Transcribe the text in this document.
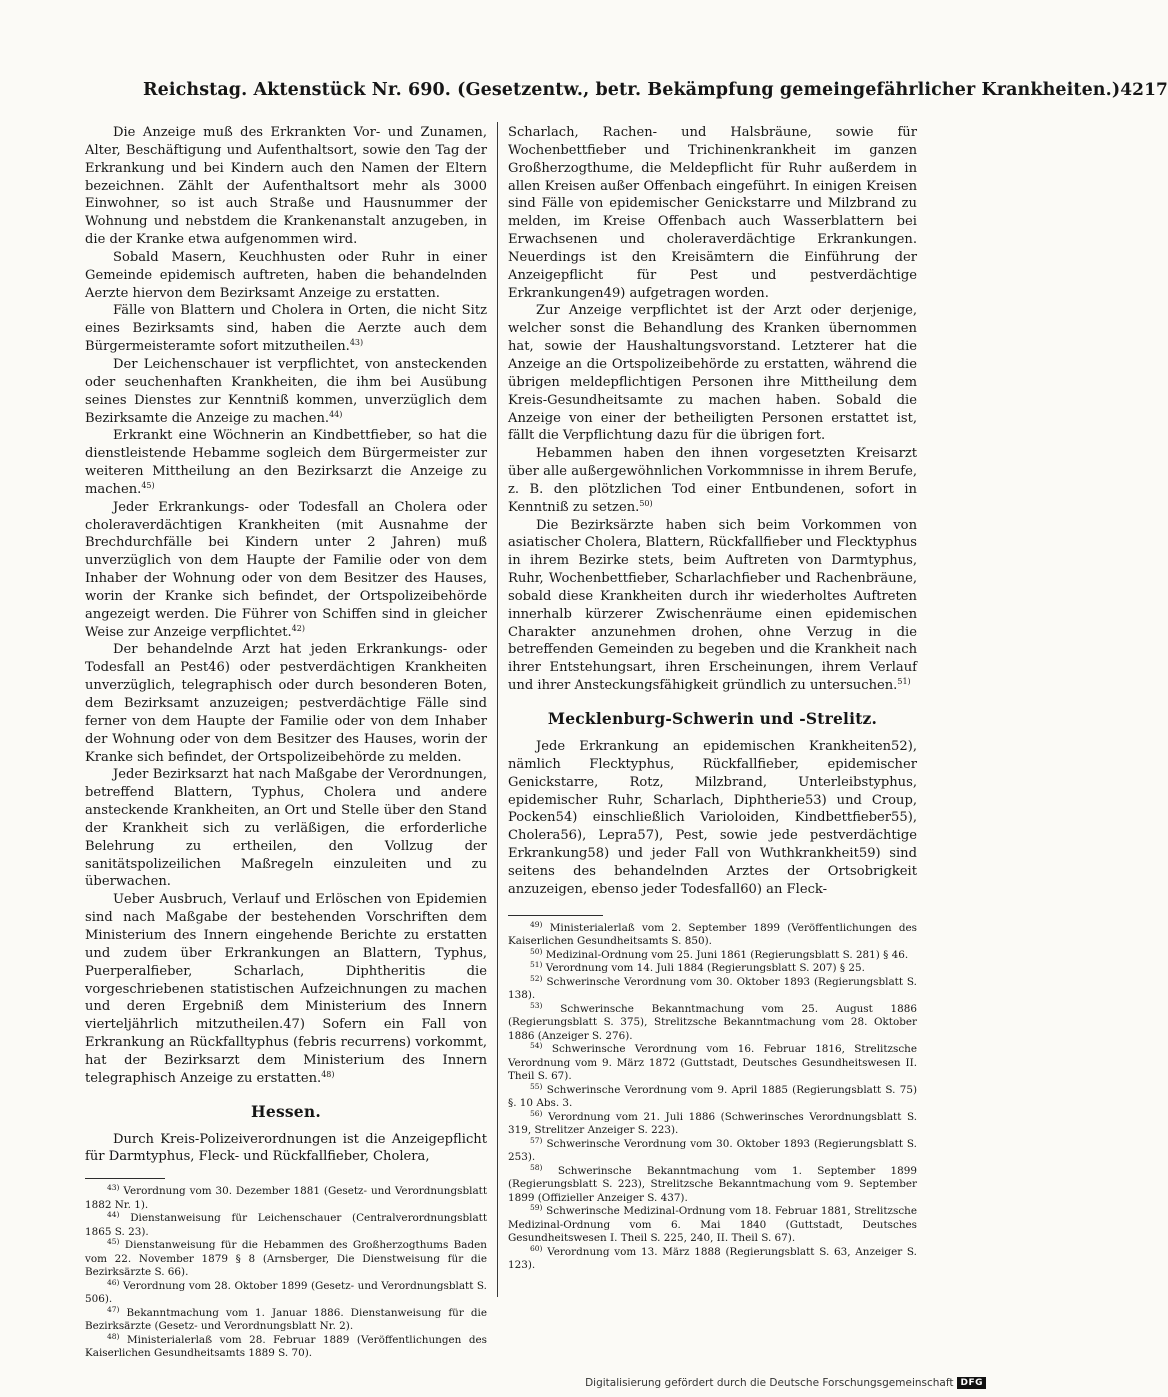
Reichstag. Aktenstück Nr. 690. (Gesetzentw., betr. Bekämpfung gemeingefährlicher Krankheiten.) 4217

Die Anzeige muß des Erkrankten Vor- und Zunamen, Alter, Beschäftigung und Aufenthaltsort, sowie den Tag der Erkrankung und bei Kindern auch den Namen der Eltern bezeichnen. Zählt der Aufenthaltsort mehr als 3000 Einwohner, so ist auch Straße und Hausnummer der Wohnung und nebstdem die Krankenanstalt anzugeben, in die der Kranke etwa aufgenommen wird.

Sobald Masern, Keuchhusten oder Ruhr in einer Gemeinde epidemisch auftreten, haben die behandelnden Aerzte hiervon dem Bezirksamt Anzeige zu erstatten.

Fälle von Blattern und Cholera in Orten, die nicht Sitz eines Bezirksamts sind, haben die Aerzte auch dem Bürgermeisteramte sofort mitzutheilen.$^{43)}$

Der Leichenschauer ist verpflichtet, von ansteckenden oder seuchenhaften Krankheiten, die ihm bei Ausübung seines Dienstes zur Kenntniß kommen, unverzüglich dem Bezirksamte die Anzeige zu machen.$^{44)}$

Erkrankt eine Wöchnerin an Kindbettfieber, so hat die dienstleistende Hebamme sogleich dem Bürgermeister zur weiteren Mittheilung an den Bezirksarzt die Anzeige zu machen.$^{45)}$

Jeder Erkrankungs- oder Todesfall an Cholera oder choleraverdächtigen Krankheiten (mit Ausnahme der Brechdurchfälle bei Kindern unter 2 Jahren) muß unverzüglich von dem Haupte der Familie oder von dem Inhaber der Wohnung oder von dem Besitzer des Hauses, worin der Kranke sich befindet, der Ortspolizeibehörde angezeigt werden. Die Führer von Schiffen sind in gleicher Weise zur Anzeige verpflichtet.$^{42)}$

Der behandelnde Arzt hat jeden Erkrankungs- oder Todesfall an Pest46) oder pestverdächtigen Krankheiten unverzüglich, telegraphisch oder durch besonderen Boten, dem Bezirksamt anzuzeigen; pestverdächtige Fälle sind ferner von dem Haupte der Familie oder von dem Inhaber der Wohnung oder von dem Besitzer des Hauses, worin der Kranke sich befindet, der Ortspolizeibehörde zu melden.

Jeder Bezirksarzt hat nach Maßgabe der Verordnungen, betreffend Blattern, Typhus, Cholera und andere ansteckende Krankheiten, an Ort und Stelle über den Stand der Krankheit sich zu verläßigen, die erforderliche Belehrung zu ertheilen, den Vollzug der sanitätspolizeilichen Maßregeln einzuleiten und zu überwachen.

Ueber Ausbruch, Verlauf und Erlöschen von Epidemien sind nach Maßgabe der bestehenden Vorschriften dem Ministerium des Innern eingehende Berichte zu erstatten und zudem über Erkrankungen an Blattern, Typhus, Puerperalfieber, Scharlach, Diphtheritis die vorgeschriebenen statistischen Aufzeichnungen zu machen und deren Ergebniß dem Ministerium des Innern vierteljährlich mitzutheilen.47) Sofern ein Fall von Erkrankung an Rückfalltyphus (febris recurrens) vorkommt, hat der Bezirksarzt dem Ministerium des Innern telegraphisch Anzeige zu erstatten.$^{48)}$

Hessen.

Durch Kreis-Polizeiverordnungen ist die Anzeigepflicht für Darmtyphus, Fleck- und Rückfallfieber, Cholera,

$^{43)}$ Verordnung vom 30. Dezember 1881 (Gesetz- und Verordnungsblatt 1882 Nr. 1).

$^{44)}$ Dienstanweisung für Leichenschauer (Centralverordnungsblatt 1865 S. 23).

$^{45)}$ Dienstanweisung für die Hebammen des Großherzogthums Baden vom 22. November 1879 § 8 (Arnsberger, Die Dienstweisung für die Bezirksärzte S. 66).

$^{46)}$ Verordnung vom 28. Oktober 1899 (Gesetz- und Verordnungsblatt S. 506).

$^{47)}$ Bekanntmachung vom 1. Januar 1886. Dienstanweisung für die Bezirksärzte (Gesetz- und Verordnungsblatt Nr. 2).

$^{48)}$ Ministerialerlaß vom 28. Februar 1889 (Veröffentlichungen des Kaiserlichen Gesundheitsamts 1889 S. 70).

Scharlach, Rachen- und Halsbräune, sowie für Wochenbettfieber und Trichinenkrankheit im ganzen Großherzogthume, die Meldepflicht für Ruhr außerdem in allen Kreisen außer Offenbach eingeführt. In einigen Kreisen sind Fälle von epidemischer Genickstarre und Milzbrand zu melden, im Kreise Offenbach auch Wasserblattern bei Erwachsenen und choleraverdächtige Erkrankungen. Neuerdings ist den Kreisämtern die Einführung der Anzeigepflicht für Pest und pestverdächtige Erkrankungen49) aufgetragen worden.

Zur Anzeige verpflichtet ist der Arzt oder derjenige, welcher sonst die Behandlung des Kranken übernommen hat, sowie der Haushaltungsvorstand. Letzterer hat die Anzeige an die Ortspolizeibehörde zu erstatten, während die übrigen meldepflichtigen Personen ihre Mittheilung dem Kreis-Gesundheitsamte zu machen haben. Sobald die Anzeige von einer der betheiligten Personen erstattet ist, fällt die Verpflichtung dazu für die übrigen fort.

Hebammen haben den ihnen vorgesetzten Kreisarzt über alle außergewöhnlichen Vorkommnisse in ihrem Berufe, z. B. den plötzlichen Tod einer Entbundenen, sofort in Kenntniß zu setzen.$^{50)}$

Die Bezirksärzte haben sich beim Vorkommen von asiatischer Cholera, Blattern, Rückfallfieber und Flecktyphus in ihrem Bezirke stets, beim Auftreten von Darmtyphus, Ruhr, Wochenbettfieber, Scharlachfieber und Rachenbräune, sobald diese Krankheiten durch ihr wiederholtes Auftreten innerhalb kürzerer Zwischenräume einen epidemischen Charakter anzunehmen drohen, ohne Verzug in die betreffenden Gemeinden zu begeben und die Krankheit nach ihrer Entstehungsart, ihren Erscheinungen, ihrem Verlauf und ihrer Ansteckungsfähigkeit gründlich zu untersuchen.$^{51)}$

Mecklenburg-Schwerin und -Strelitz.

Jede Erkrankung an epidemischen Krankheiten52), nämlich Flecktyphus, Rückfallfieber, epidemischer Genickstarre, Rotz, Milzbrand, Unterleibstyphus, epidemischer Ruhr, Scharlach, Diphtherie53) und Croup, Pocken54) einschließlich Varioloiden, Kindbettfieber55), Cholera56), Lepra57), Pest, sowie jede pestverdächtige Erkrankung58) und jeder Fall von Wuthkrankheit59) sind seitens des behandelnden Arztes der Ortsobrigkeit anzuzeigen, ebenso jeder Todesfall60) an Fleck-

$^{49)}$ Ministerialerlaß vom 2. September 1899 (Veröffentlichungen des Kaiserlichen Gesundheitsamts S. 850).

$^{50)}$ Medizinal-Ordnung vom 25. Juni 1861 (Regierungsblatt S. 281) § 46.

$^{51)}$ Verordnung vom 14. Juli 1884 (Regierungsblatt S. 207) § 25.

$^{52)}$ Schwerinsche Verordnung vom 30. Oktober 1893 (Regierungsblatt S. 138).

$^{53)}$ Schwerinsche Bekanntmachung vom 25. August 1886 (Regierungsblatt S. 375), Strelitzsche Bekanntmachung vom 28. Oktober 1886 (Anzeiger S. 276).

$^{54)}$ Schwerinsche Verordnung vom 16. Februar 1816, Strelitzsche Verordnung vom 9. März 1872 (Guttstadt, Deutsches Gesundheitswesen II. Theil S. 67).

$^{55)}$ Schwerinsche Verordnung vom 9. April 1885 (Regierungsblatt S. 75) §. 10 Abs. 3.

$^{56)}$ Verordnung vom 21. Juli 1886 (Schwerinsches Verordnungsblatt S. 319, Strelitzer Anzeiger S. 223).

$^{57)}$ Schwerinsche Verordnung vom 30. Oktober 1893 (Regierungsblatt S. 253).

$^{58)}$ Schwerinsche Bekanntmachung vom 1. September 1899 (Regierungsblatt S. 223), Strelitzsche Bekanntmachung vom 9. September 1899 (Offizieller Anzeiger S. 437).

$^{59)}$ Schwerinsche Medizinal-Ordnung vom 18. Februar 1881, Strelitzsche Medizinal-Ordnung vom 6. Mai 1840 (Guttstadt, Deutsches Gesundheitswesen I. Theil S. 225, 240, II. Theil S. 67).

$^{60)}$ Verordnung vom 13. März 1888 (Regierungsblatt S. 63, Anzeiger S. 123).

Digitalisierung gefördert durch die Deutsche Forschungsgemeinschaft DFG
